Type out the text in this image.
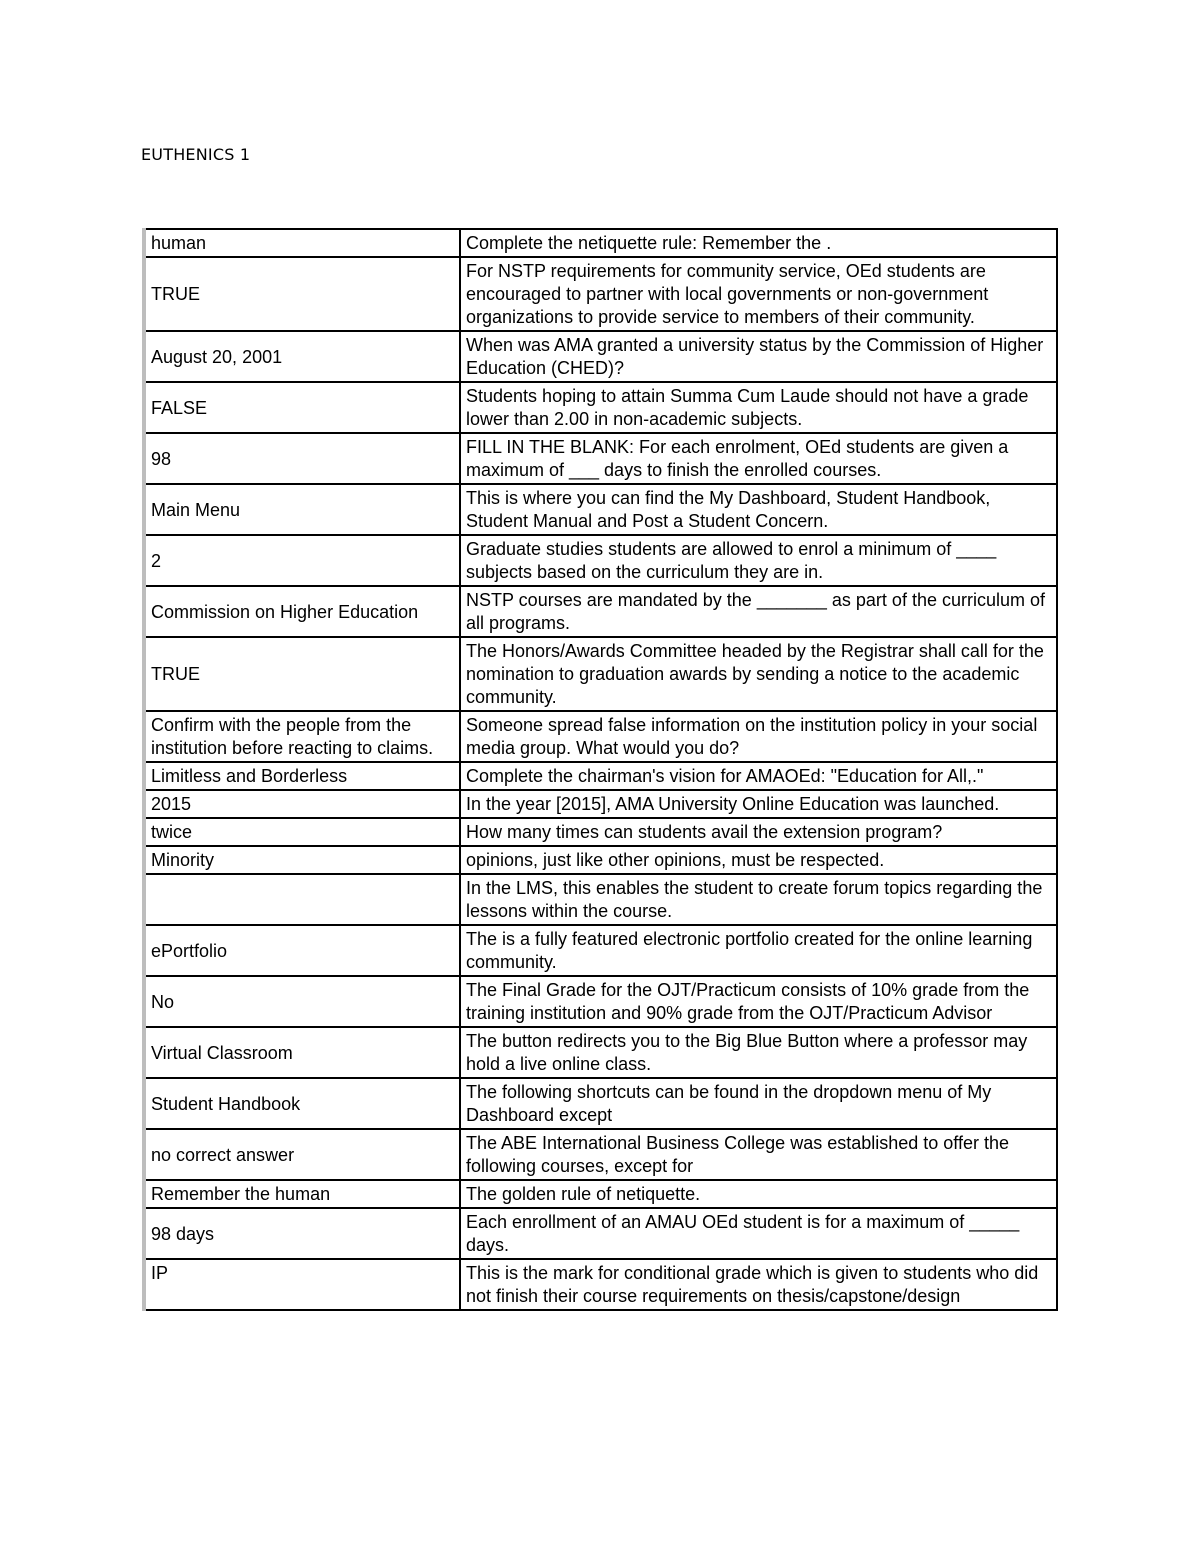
EUTHENICS 1
human	Complete the netiquette rule: Remember the .
TRUE	For NSTP requirements for community service, OEd students are encouraged to partner with local governments or non-government organizations to provide service to members of their community.
August 20, 2001	When was AMA granted a university status by the Commission of Higher Education (CHED)?
FALSE	Students hoping to attain Summa Cum Laude should not have a grade lower than 2.00 in non-academic subjects.
98	FILL IN THE BLANK: For each enrolment, OEd students are given a maximum of ___ days to finish the enrolled courses.
Main Menu	This is where you can find the My Dashboard, Student Handbook, Student Manual and Post a Student Concern.
2	Graduate studies students are allowed to enrol a minimum of ____ subjects based on the curriculum they are in.
Commission on Higher Education	NSTP courses are mandated by the _______ as part of the curriculum of all programs.
TRUE	The Honors/Awards Committee headed by the Registrar shall call for the nomination to graduation awards by sending a notice to the academic community.
Confirm with the people from the institution before reacting to claims.	Someone spread false information on the institution policy in your social media group. What would you do?
Limitless and Borderless	Complete the chairman's vision for AMAOEd: "Education for All,."
2015	In the year [2015], AMA University Online Education was launched.
twice	How many times can students avail the extension program?
Minority	opinions, just like other opinions, must be respected.
	In the LMS, this enables the student to create forum topics regarding the lessons within the course.
ePortfolio	The is a fully featured electronic portfolio created for the online learning community.
No	The Final Grade for the OJT/Practicum consists of 10% grade from the training institution and 90% grade from the OJT/Practicum Advisor
Virtual Classroom	The button redirects you to the Big Blue Button where a professor may hold a live online class.
Student Handbook	The following shortcuts can be found in the dropdown menu of My Dashboard except
no correct answer	The ABE International Business College was established to offer the following courses, except for
Remember the human	The golden rule of netiquette.
98 days	Each enrollment of an AMAU OEd student is for a maximum of _____ days.
IP	This is the mark for conditional grade which is given to students who did not finish their course requirements on thesis/capstone/design
